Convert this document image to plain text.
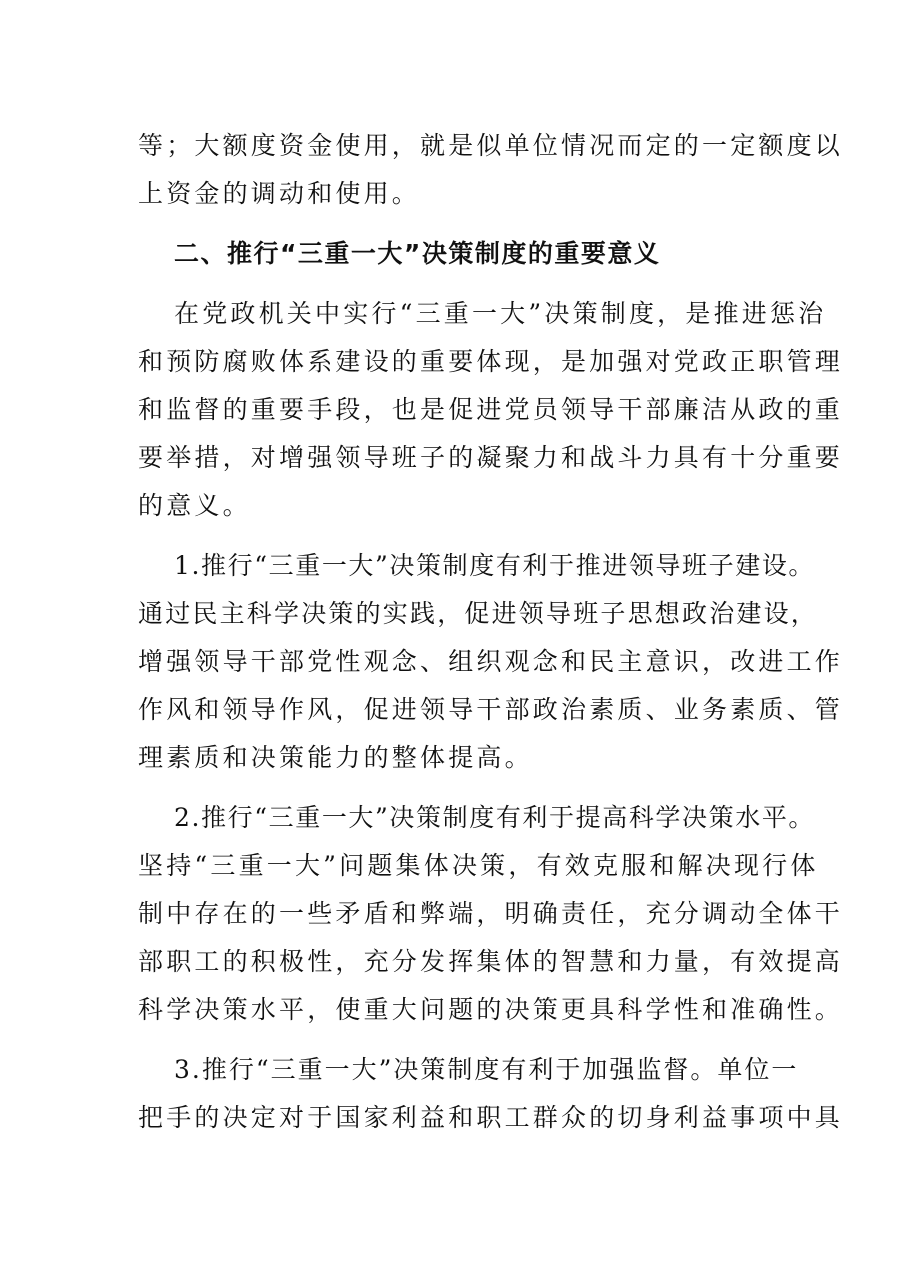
等；大额度资金使用，就是似单位情况而定的一定额度以
上资金的调动和使用。
二、推行“三重一大”决策制度的重要意义
在党政机关中实行“三重一大”决策制度，是推进惩治
和预防腐败体系建设的重要体现，是加强对党政正职管理
和监督的重要手段，也是促进党员领导干部廉洁从政的重
要举措，对增强领导班子的凝聚力和战斗力具有十分重要
的意义。
1.推行“三重一大”决策制度有利于推进领导班子建设。
通过民主科学决策的实践，促进领导班子思想政治建设，
增强领导干部党性观念、组织观念和民主意识，改进工作
作风和领导作风，促进领导干部政治素质、业务素质、管
理素质和决策能力的整体提高。
2.推行“三重一大”决策制度有利于提高科学决策水平。
坚持“三重一大”问题集体决策，有效克服和解决现行体
制中存在的一些矛盾和弊端，明确责任，充分调动全体干
部职工的积极性，充分发挥集体的智慧和力量，有效提高
科学决策水平，使重大问题的决策更具科学性和准确性。
3.推行“三重一大”决策制度有利于加强监督。单位一
把手的决定对于国家利益和职工群众的切身利益事项中具
